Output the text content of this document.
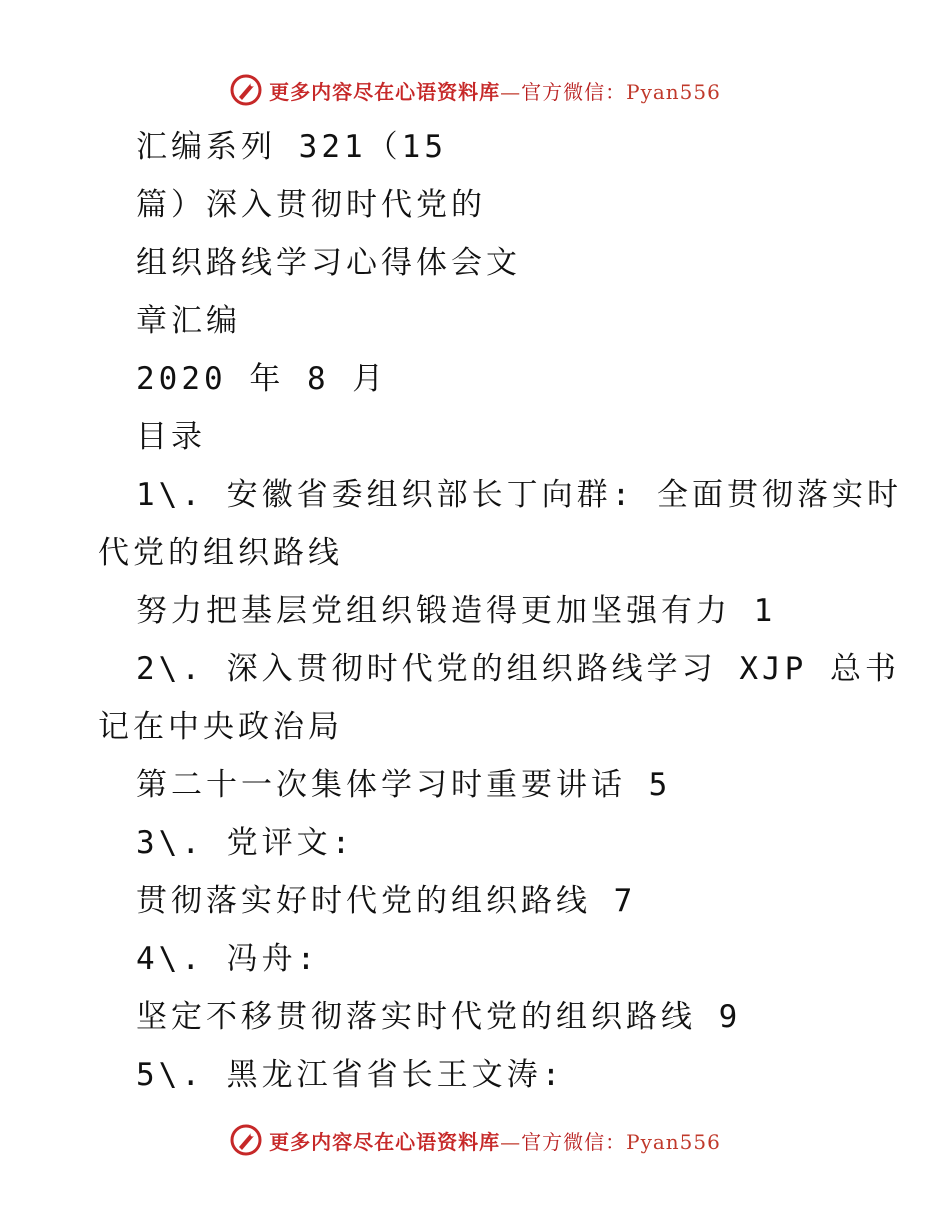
更多内容尽在心语资料库—官方微信：Pyan556
汇编系列 321（15
篇）深入贯彻时代党的
组织路线学习心得体会文
章汇编
2020 年 8 月
目录
1\. 安徽省委组织部长丁向群: 全面贯彻落实时
代党的组织路线
努力把基层党组织锻造得更加坚强有力 1
2\. 深入贯彻时代党的组织路线学习 XJP 总书
记在中央政治局
第二十一次集体学习时重要讲话 5
3\. 党评文:
贯彻落实好时代党的组织路线 7
4\. 冯舟:
坚定不移贯彻落实时代党的组织路线 9
5\. 黑龙江省省长王文涛:
更多内容尽在心语资料库—官方微信：Pyan556
